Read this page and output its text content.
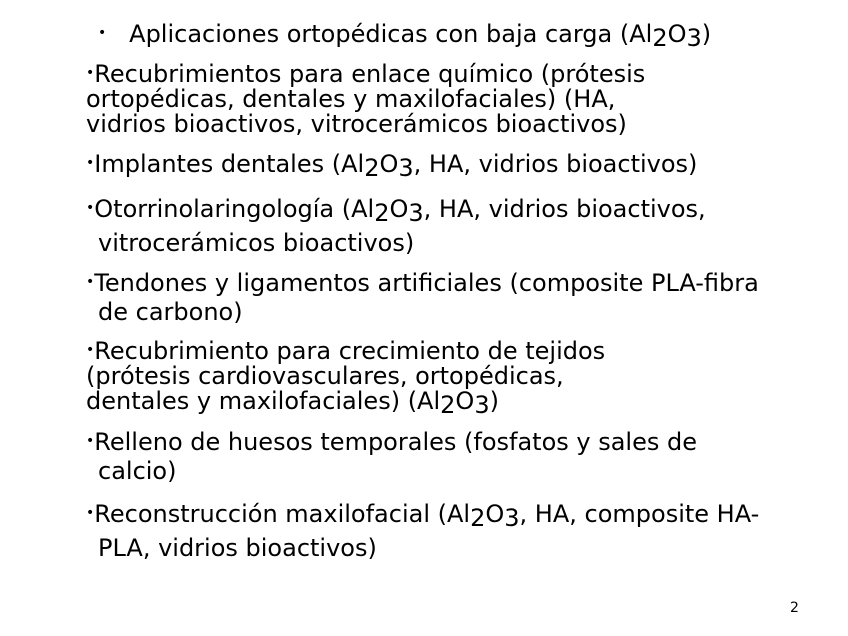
• Aplicaciones ortopédicas con baja carga $(Al_2O_3)$
•Recubrimientos para enlace químico (prótesis
ortopédicas, dentales y maxilofaciales) (HA,
vidrios bioactivos, vitrocerámicos bioactivos)
•Implantes dentales ($Al_2O_3$, HA, vidrios bioactivos)
•Otorrinolaringología ($Al_2O_3$, HA, vidrios bioactivos,
vitrocerámicos bioactivos)
•Tendones y ligamentos artificiales (composite PLA-fibra
de carbono)
•Recubrimiento para crecimiento de tejidos
(prótesis cardiovasculares, ortopédicas,
dentales y maxilofaciales) $(Al_2O_3)$
•Relleno de huesos temporales (fosfatos y sales de
calcio)
•Reconstrucción maxilofacial ($Al_2O_3$, HA, composite HA-
PLA, vidrios bioactivos)
2
